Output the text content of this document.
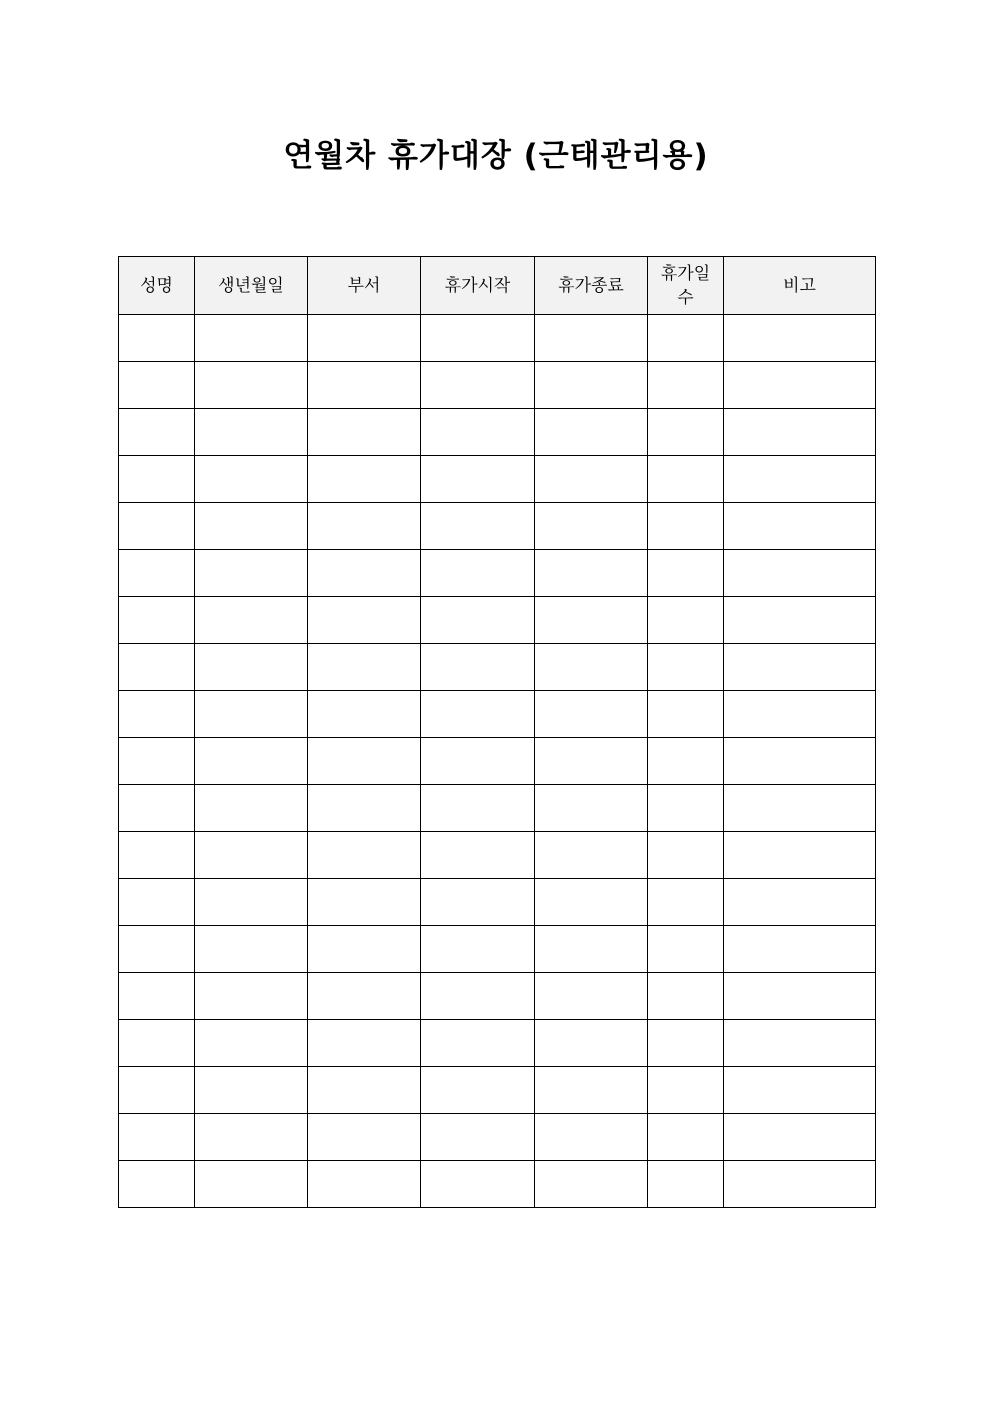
연월차 휴가대장 (근태관리용)
성명	생년월일	부서	휴가시작	휴가종료	휴가일수	비고
